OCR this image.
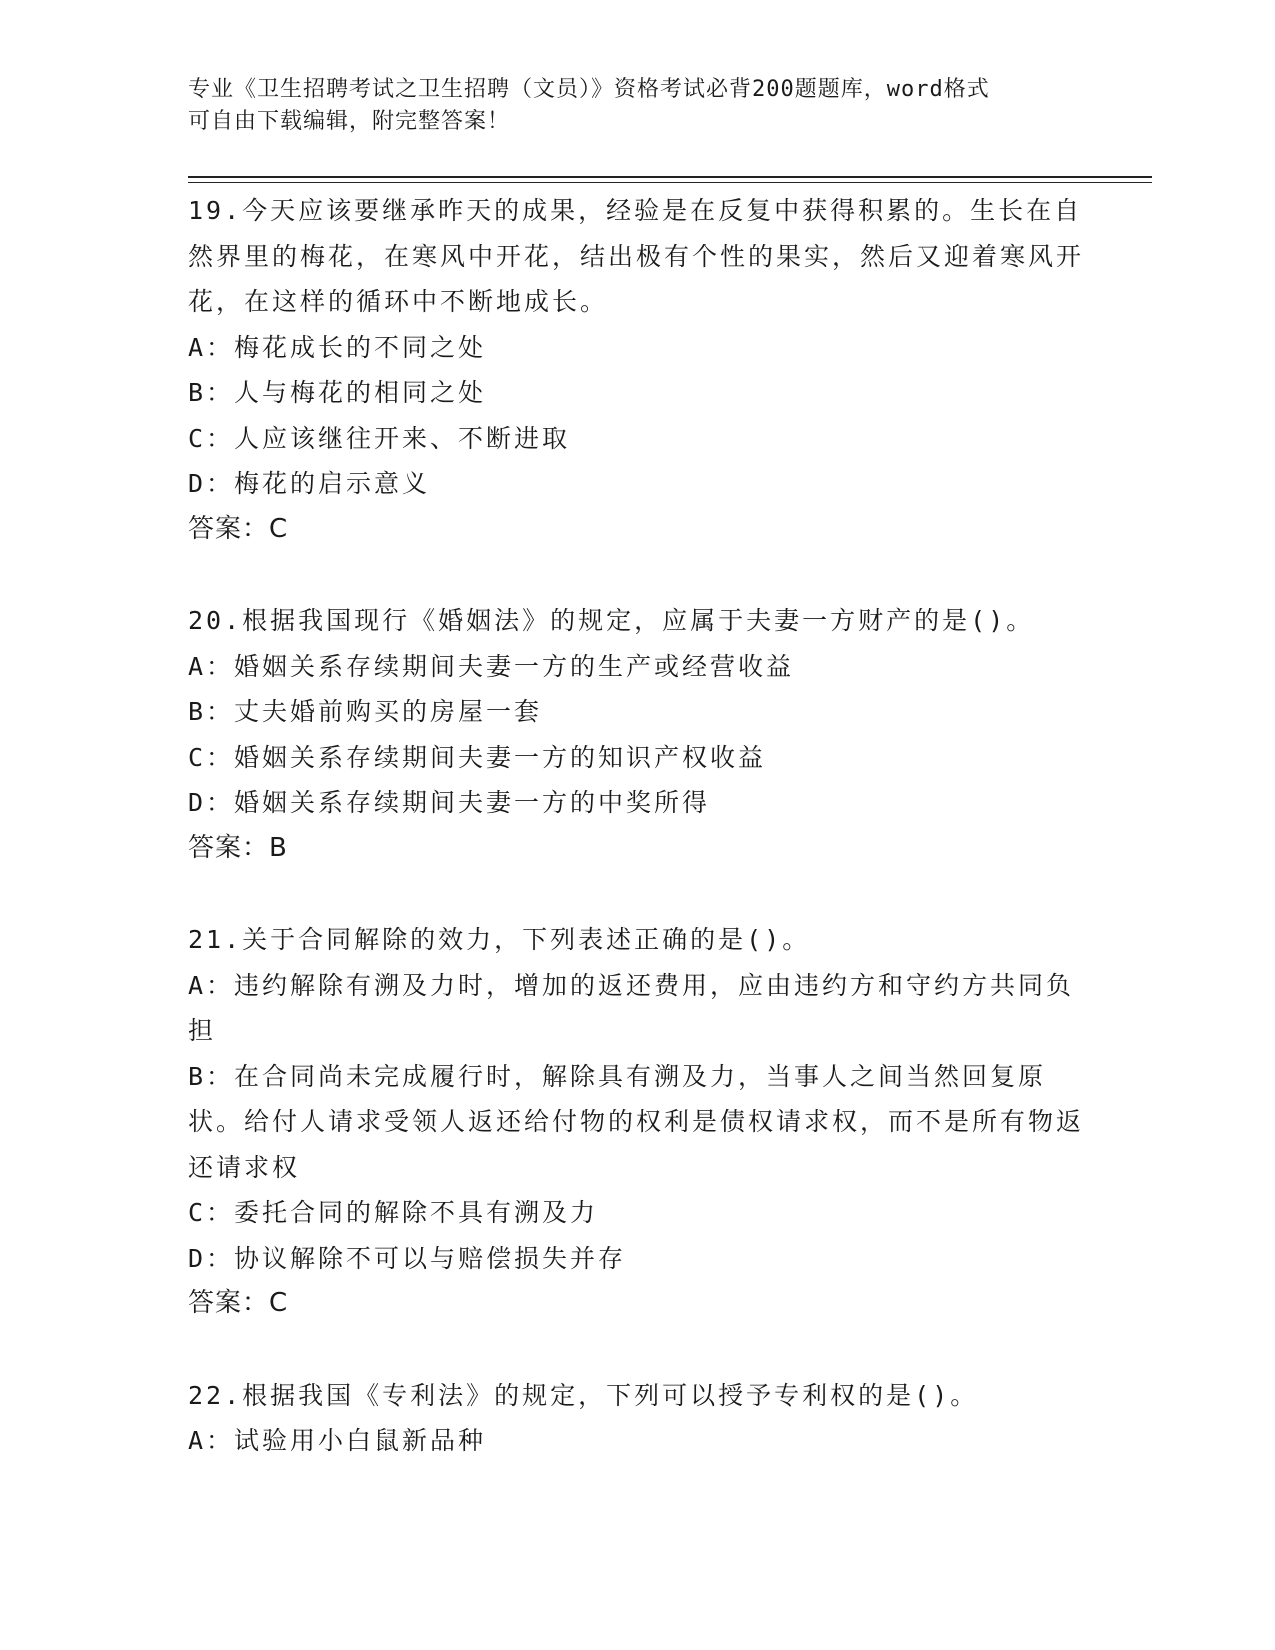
专业《卫生招聘考试之卫生招聘（文员）》资格考试必背200题题库，word格式
可自由下载编辑，附完整答案！

19.今天应该要继承昨天的成果，经验是在反复中获得积累的。生长在自然界里的梅花，在寒风中开花，结出极有个性的果实，然后又迎着寒风开花，在这样的循环中不断地成长。

A：梅花成长的不同之处

B：人与梅花的相同之处

C：人应该继往开来、不断进取

D：梅花的启示意义

答案：C

20.根据我国现行《婚姻法》的规定，应属于夫妻一方财产的是()。

A：婚姻关系存续期间夫妻一方的生产或经营收益

B：丈夫婚前购买的房屋一套

C：婚姻关系存续期间夫妻一方的知识产权收益

D：婚姻关系存续期间夫妻一方的中奖所得

答案：B

21.关于合同解除的效力，下列表述正确的是()。

A：违约解除有溯及力时，增加的返还费用，应由违约方和守约方共同负担

B：在合同尚未完成履行时，解除具有溯及力，当事人之间当然回复原状。给付人请求受领人返还给付物的权利是债权请求权，而不是所有物返还请求权

C：委托合同的解除不具有溯及力

D：协议解除不可以与赔偿损失并存

答案：C

22.根据我国《专利法》的规定，下列可以授予专利权的是()。

A：试验用小白鼠新品种
